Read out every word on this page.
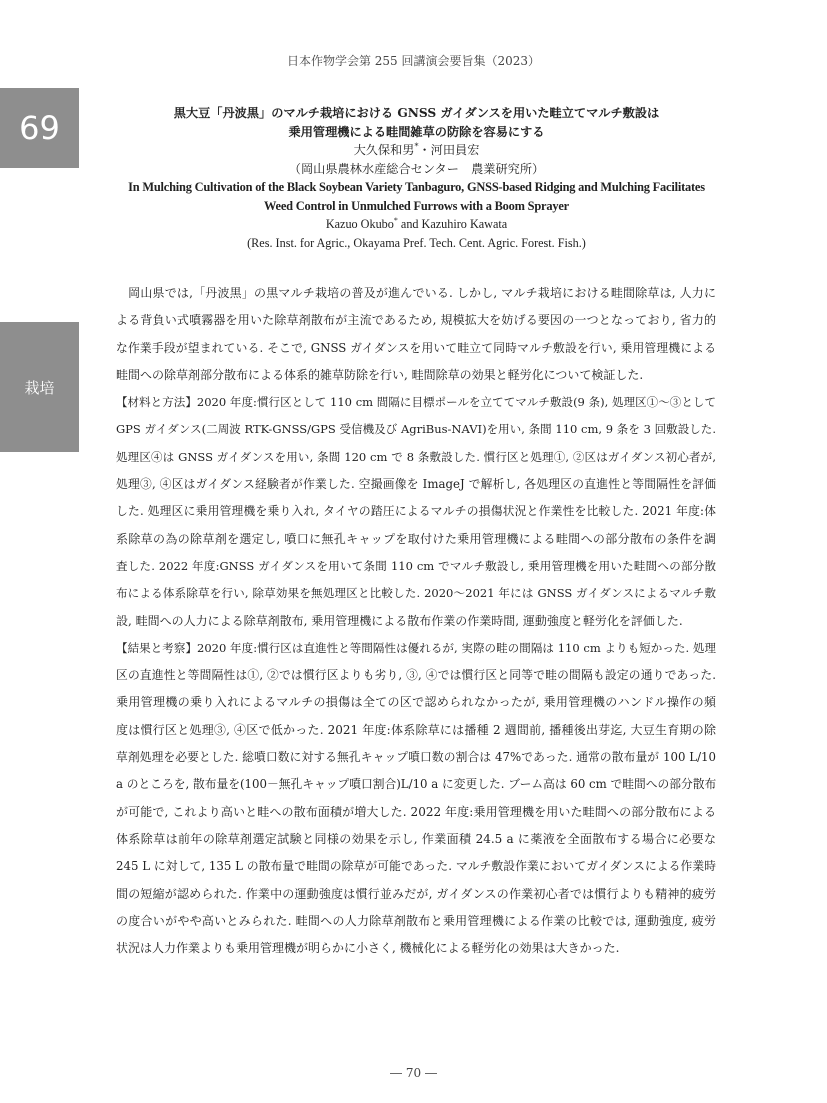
日本作物学会第 255 回講演会要旨集（2023）
69
栽培
黒大豆「丹波黒」のマルチ栽培における GNSS ガイダンスを用いた畦立てマルチ敷設は
乗用管理機による畦間雑草の防除を容易にする
大久保和男*・河田員宏
（岡山県農林水産総合センター　農業研究所）
In Mulching Cultivation of the Black Soybean Variety Tanbaguro, GNSS-based Ridging and Mulching Facilitates
Weed Control in Unmulched Furrows with a Boom Sprayer
Kazuo Okubo* and Kazuhiro Kawata
(Res. Inst. for Agric., Okayama Pref. Tech. Cent. Agric. Forest. Fish.)
　岡山県では,「丹波黒」の黒マルチ栽培の普及が進んでいる. しかし, マルチ栽培における畦間除草は, 人力に
よる背負い式噴霧器を用いた除草剤散布が主流であるため, 規模拡大を妨げる要因の一つとなっており, 省力的
な作業手段が望まれている. そこで, GNSS ガイダンスを用いて畦立て同時マルチ敷設を行い, 乗用管理機による
畦間への除草剤部分散布による体系的雑草防除を行い, 畦間除草の効果と軽労化について検証した.
【材料と方法】2020 年度:慣行区として 110 cm 間隔に目標ポールを立ててマルチ敷設(9 条), 処理区①～③として
GPS ガイダンス(二周波 RTK-GNSS/GPS 受信機及び AgriBus-NAVI)を用い, 条間 110 cm, 9 条を 3 回敷設した.
処理区④は GNSS ガイダンスを用い, 条間 120 cm で 8 条敷設した. 慣行区と処理①, ②区はガイダンス初心者が,
処理③, ④区はガイダンス経験者が作業した. 空撮画像を ImageJ で解析し, 各処理区の直進性と等間隔性を評価
した. 処理区に乗用管理機を乗り入れ, タイヤの踏圧によるマルチの損傷状況と作業性を比較した. 2021 年度:体
系除草の為の除草剤を選定し, 噴口に無孔キャップを取付けた乗用管理機による畦間への部分散布の条件を調
査した. 2022 年度:GNSS ガイダンスを用いて条間 110 cm でマルチ敷設し, 乗用管理機を用いた畦間への部分散
布による体系除草を行い, 除草効果を無処理区と比較した. 2020～2021 年には GNSS ガイダンスによるマルチ敷
設, 畦間への人力による除草剤散布, 乗用管理機による散布作業の作業時間, 運動強度と軽労化を評価した.
【結果と考察】2020 年度:慣行区は直進性と等間隔性は優れるが, 実際の畦の間隔は 110 cm よりも短かった. 処理
区の直進性と等間隔性は①, ②では慣行区よりも劣り, ③, ④では慣行区と同等で畦の間隔も設定の通りであった.
乗用管理機の乗り入れによるマルチの損傷は全ての区で認められなかったが, 乗用管理機のハンドル操作の頻
度は慣行区と処理③, ④区で低かった. 2021 年度:体系除草には播種 2 週間前, 播種後出芽迄, 大豆生育期の除
草剤処理を必要とした. 総噴口数に対する無孔キャップ噴口数の割合は 47%であった. 通常の散布量が 100 L/10
a のところを, 散布量を(100－無孔キャップ噴口割合)L/10 a に変更した. ブーム高は 60 cm で畦間への部分散布
が可能で, これより高いと畦への散布面積が増大した. 2022 年度:乗用管理機を用いた畦間への部分散布による
体系除草は前年の除草剤選定試験と同様の効果を示し, 作業面積 24.5 a に薬液を全面散布する場合に必要な
245 L に対して, 135 L の散布量で畦間の除草が可能であった. マルチ敷設作業においてガイダンスによる作業時
間の短縮が認められた. 作業中の運動強度は慣行並みだが, ガイダンスの作業初心者では慣行よりも精神的疲労
の度合いがやや高いとみられた. 畦間への人力除草剤散布と乗用管理機による作業の比較では, 運動強度, 疲労
状況は人力作業よりも乗用管理機が明らかに小さく, 機械化による軽労化の効果は大きかった.
― 70 ―
